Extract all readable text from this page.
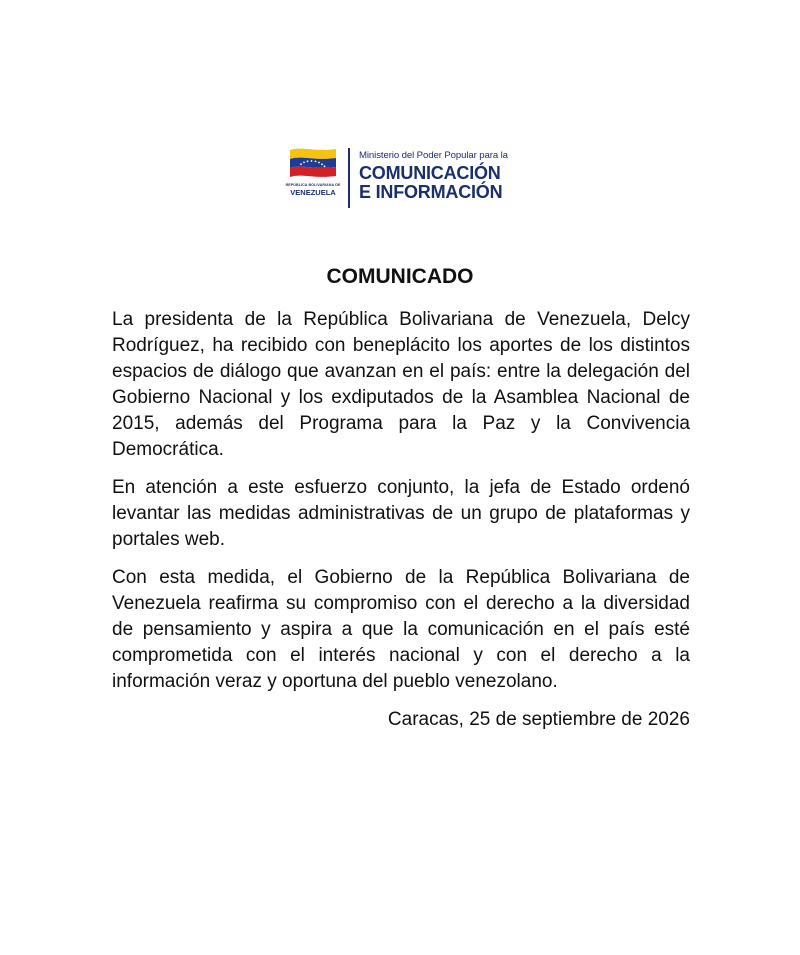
REPÚBLICA BOLIVARIANA DE
VENEZUELA
Ministerio del Poder Popular para la
COMUNICACIÓN
E INFORMACIÓN
COMUNICADO

La presidenta de la República Bolivariana de Venezuela, Delcy Rodríguez, ha recibido con beneplácito los aportes de los distintos espacios de diálogo que avanzan en el país: entre la delegación del Gobierno Nacional y los exdiputados de la Asamblea Nacional de 2015, además del Programa para la Paz y la Convivencia Democrática.

En atención a este esfuerzo conjunto, la jefa de Estado ordenó levantar las medidas administrativas de un grupo de plataformas y portales web.

Con esta medida, el Gobierno de la República Bolivariana de Venezuela reafirma su compromiso con el derecho a la diversidad de pensamiento y aspira a que la comunicación en el país esté comprometida con el interés nacional y con el derecho a la información veraz y oportuna del pueblo venezolano.

Caracas, 25 de septiembre de 2026
